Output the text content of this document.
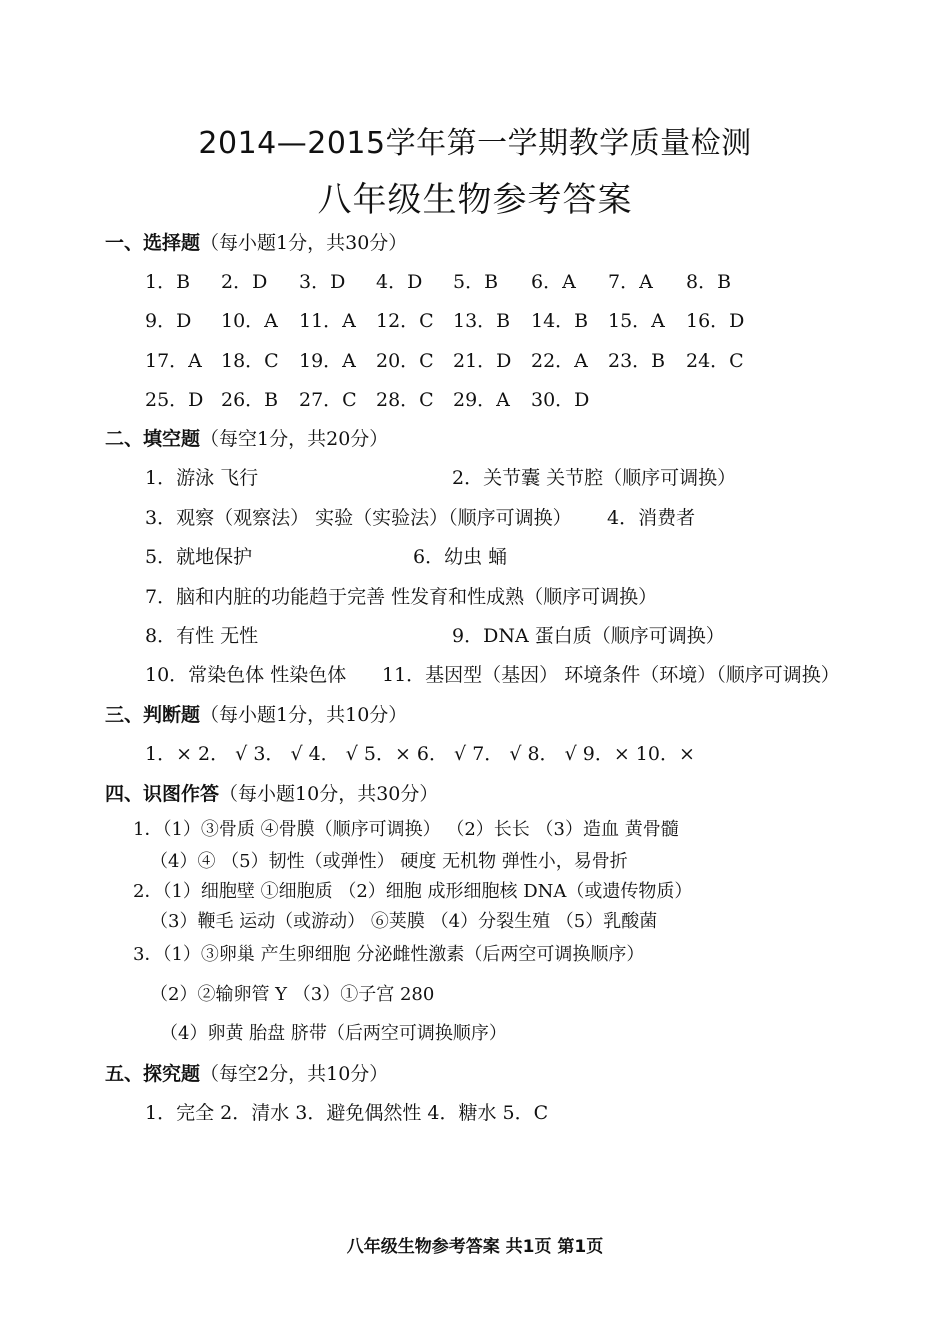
2014—2015学年第一学期教学质量检测
八年级生物参考答案
一、选择题（每小题1分，共30分）
1．B 2．D 3．D 4．D 5．B 6．A 7．A 8．B
9．D 10．A 11．A 12．C 13．B 14．B 15．A 16．D
17．A 18．C 19．A 20．C 21．D 22．A 23．B 24．C
25．D 26．B 27．C 28．C 29．A 30．D
二、填空题（每空1分，共20分）
1．游泳 飞行	2．关节囊 关节腔（顺序可调换）
3．观察（观察法） 实验（实验法）（顺序可调换） 4．消费者
5．就地保护	6．幼虫 蛹
7．脑和内脏的功能趋于完善 性发育和性成熟（顺序可调换）
8．有性 无性	9．DNA 蛋白质（顺序可调换）
10．常染色体 性染色体 11．基因型（基因） 环境条件（环境）（顺序可调换）
三、判断题（每小题1分，共10分）
1．× 2． √ 3． √ 4． √ 5．× 6． √ 7． √ 8． √ 9．× 10．×
四、识图作答（每小题10分，共30分）
1．（1）③骨质 ④骨膜（顺序可调换） （2）长长 （3）造血 黄骨髓
（4）④ （5）韧性（或弹性） 硬度 无机物 弹性小，易骨折
2．（1）细胞壁 ①细胞质 （2）细胞 成形细胞核 DNA（或遗传物质）
（3）鞭毛 运动（或游动） ⑥荚膜 （4）分裂生殖 （5）乳酸菌
3．（1）③卵巢 产生卵细胞 分泌雌性激素（后两空可调换顺序）
（2）②输卵管 Y （3）①子宫 280
（4）卵黄 胎盘 脐带（后两空可调换顺序）
五、探究题（每空2分，共10分）
1．完全 2．清水 3．避免偶然性 4．糖水 5．C
八年级生物参考答案 共1页 第1页
